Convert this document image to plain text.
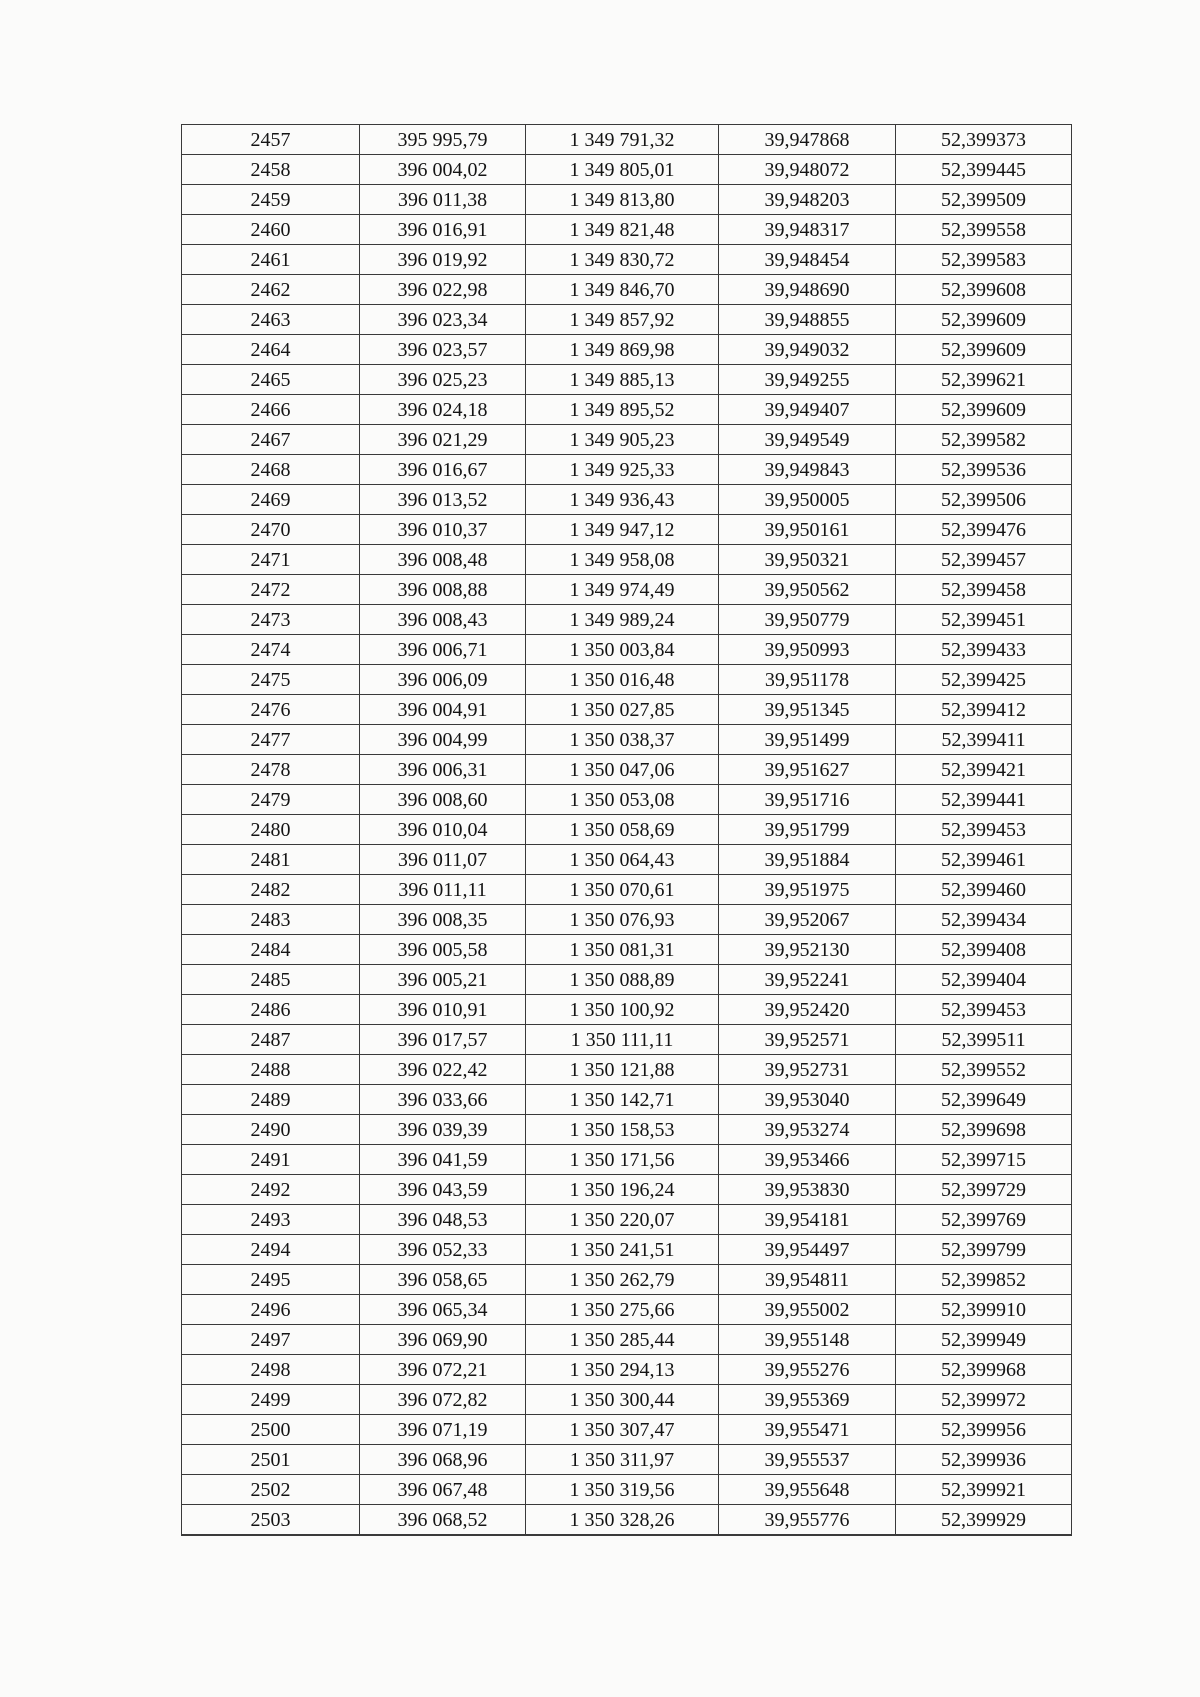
2457	395 995,79	1 349 791,32	39,947868	52,399373
2458	396 004,02	1 349 805,01	39,948072	52,399445
2459	396 011,38	1 349 813,80	39,948203	52,399509
2460	396 016,91	1 349 821,48	39,948317	52,399558
2461	396 019,92	1 349 830,72	39,948454	52,399583
2462	396 022,98	1 349 846,70	39,948690	52,399608
2463	396 023,34	1 349 857,92	39,948855	52,399609
2464	396 023,57	1 349 869,98	39,949032	52,399609
2465	396 025,23	1 349 885,13	39,949255	52,399621
2466	396 024,18	1 349 895,52	39,949407	52,399609
2467	396 021,29	1 349 905,23	39,949549	52,399582
2468	396 016,67	1 349 925,33	39,949843	52,399536
2469	396 013,52	1 349 936,43	39,950005	52,399506
2470	396 010,37	1 349 947,12	39,950161	52,399476
2471	396 008,48	1 349 958,08	39,950321	52,399457
2472	396 008,88	1 349 974,49	39,950562	52,399458
2473	396 008,43	1 349 989,24	39,950779	52,399451
2474	396 006,71	1 350 003,84	39,950993	52,399433
2475	396 006,09	1 350 016,48	39,951178	52,399425
2476	396 004,91	1 350 027,85	39,951345	52,399412
2477	396 004,99	1 350 038,37	39,951499	52,399411
2478	396 006,31	1 350 047,06	39,951627	52,399421
2479	396 008,60	1 350 053,08	39,951716	52,399441
2480	396 010,04	1 350 058,69	39,951799	52,399453
2481	396 011,07	1 350 064,43	39,951884	52,399461
2482	396 011,11	1 350 070,61	39,951975	52,399460
2483	396 008,35	1 350 076,93	39,952067	52,399434
2484	396 005,58	1 350 081,31	39,952130	52,399408
2485	396 005,21	1 350 088,89	39,952241	52,399404
2486	396 010,91	1 350 100,92	39,952420	52,399453
2487	396 017,57	1 350 111,11	39,952571	52,399511
2488	396 022,42	1 350 121,88	39,952731	52,399552
2489	396 033,66	1 350 142,71	39,953040	52,399649
2490	396 039,39	1 350 158,53	39,953274	52,399698
2491	396 041,59	1 350 171,56	39,953466	52,399715
2492	396 043,59	1 350 196,24	39,953830	52,399729
2493	396 048,53	1 350 220,07	39,954181	52,399769
2494	396 052,33	1 350 241,51	39,954497	52,399799
2495	396 058,65	1 350 262,79	39,954811	52,399852
2496	396 065,34	1 350 275,66	39,955002	52,399910
2497	396 069,90	1 350 285,44	39,955148	52,399949
2498	396 072,21	1 350 294,13	39,955276	52,399968
2499	396 072,82	1 350 300,44	39,955369	52,399972
2500	396 071,19	1 350 307,47	39,955471	52,399956
2501	396 068,96	1 350 311,97	39,955537	52,399936
2502	396 067,48	1 350 319,56	39,955648	52,399921
2503	396 068,52	1 350 328,26	39,955776	52,399929
